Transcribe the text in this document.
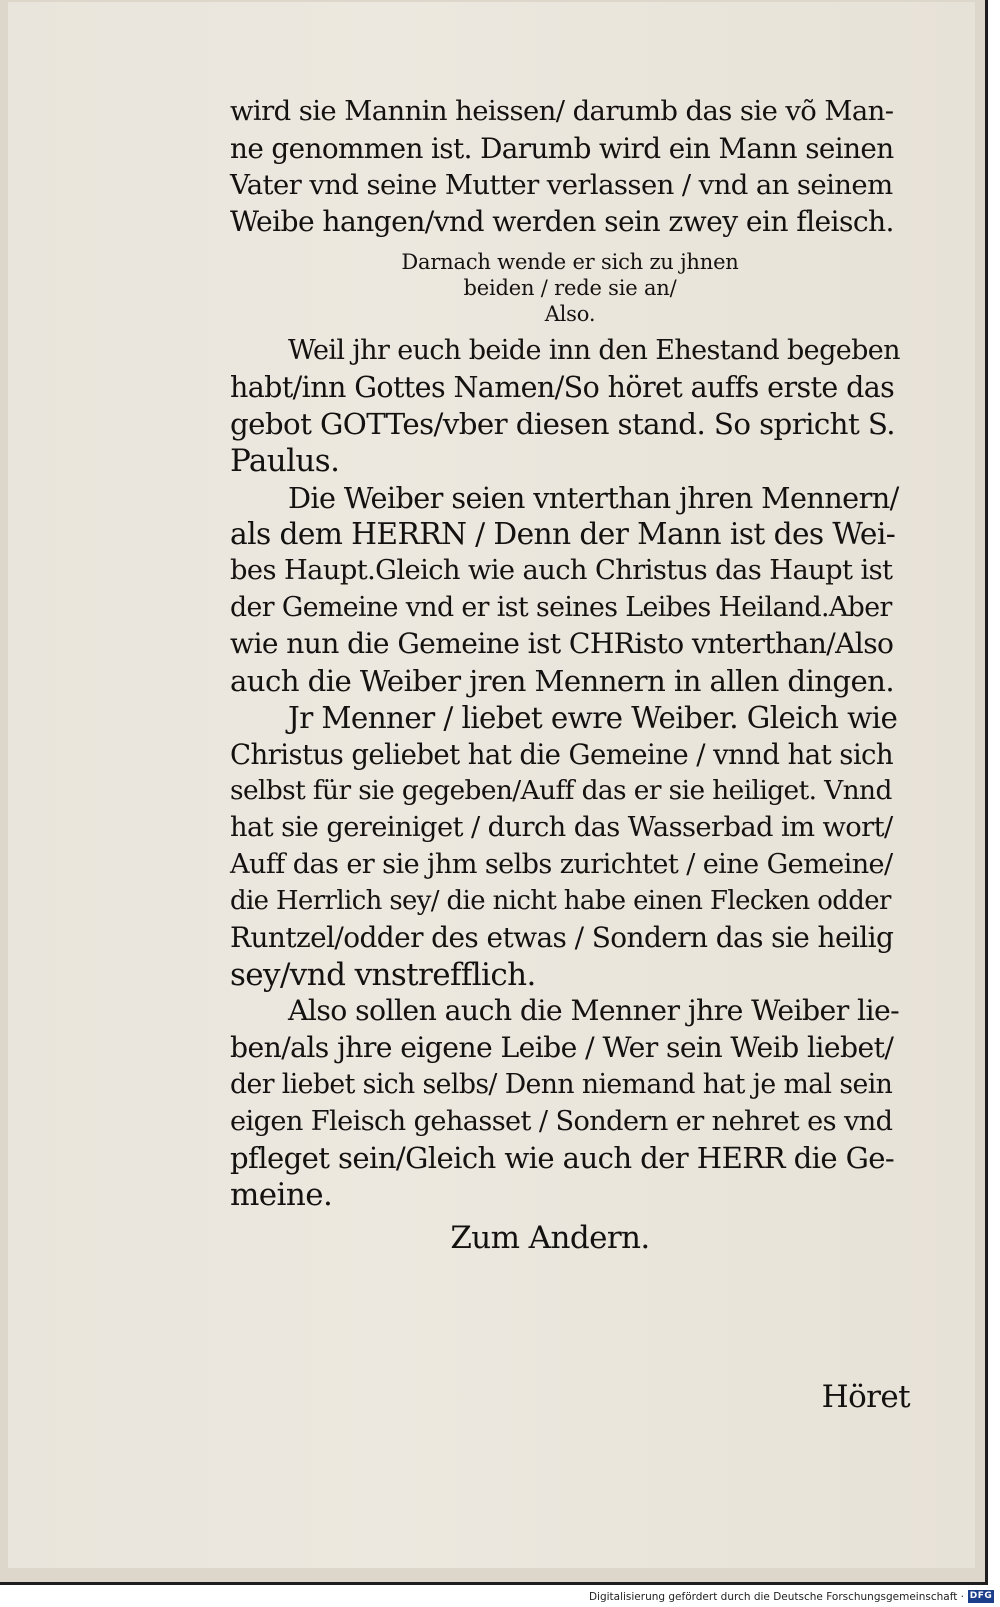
wird sie Mannin heissen/ darumb das sie võ Man-
ne genommen ist. Darumb wird ein Mann seinen
Vater vnd seine Mutter verlassen / vnd an seinem
Weibe hangen/vnd werden sein zwey ein fleisch.
Darnach wende er sich zu jhnen
beiden / rede sie an/
Also.
Weil jhr euch beide inn den Ehestand begeben
habt/inn Gottes Namen/So höret auffs erste das
gebot GOTTes/vber diesen stand. So spricht S.
Paulus.
Die Weiber seien vnterthan jhren Mennern/
als dem HERRN / Denn der Mann ist des Wei-
bes Haupt.Gleich wie auch Christus das Haupt ist
der Gemeine vnd er ist seines Leibes Heiland.Aber
wie nun die Gemeine ist CHRisto vnterthan/Also
auch die Weiber jren Mennern in allen dingen.
Jr Menner / liebet ewre Weiber. Gleich wie
Christus geliebet hat die Gemeine / vnnd hat sich
selbst für sie gegeben/Auff das er sie heiliget. Vnnd
hat sie gereiniget / durch das Wasserbad im wort/
Auff das er sie jhm selbs zurichtet / eine Gemeine/
die Herrlich sey/ die nicht habe einen Flecken odder
Runtzel/odder des etwas / Sondern das sie heilig
sey/vnd vnstrefflich.
Also sollen auch die Menner jhre Weiber lie-
ben/als jhre eigene Leibe / Wer sein Weib liebet/
der liebet sich selbs/ Denn niemand hat je mal sein
eigen Fleisch gehasset / Sondern er nehret es vnd
pfleget sein/Gleich wie auch der HERR die Ge-
meine.
Zum Andern.
Höret
Digitalisierung gefördert durch die Deutsche Forschungsgemeinschaft · DFG
